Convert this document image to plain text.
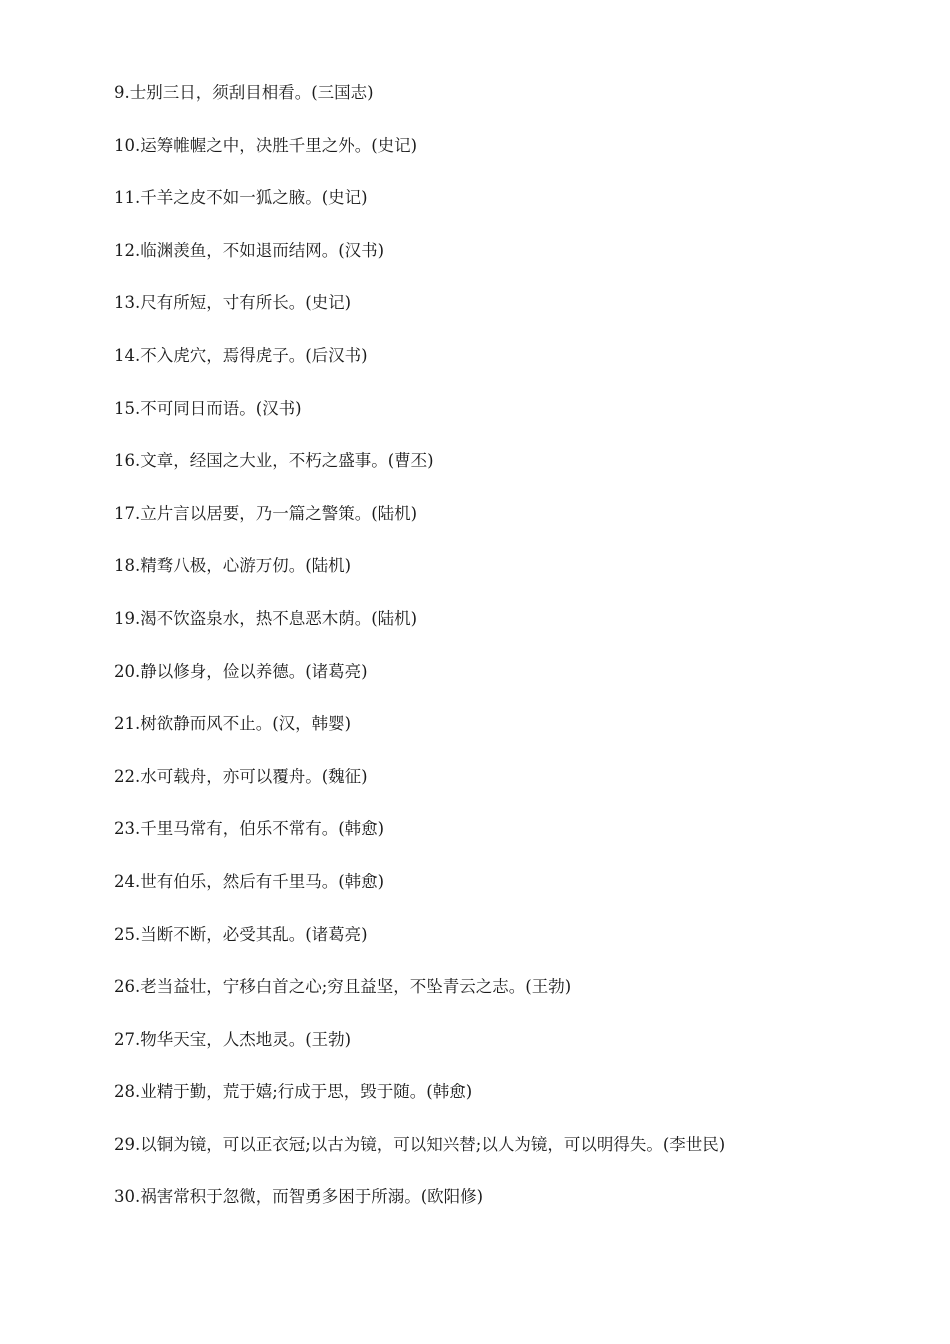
9.士别三日，须刮目相看。(三国志)
10.运筹帷幄之中，决胜千里之外。(史记)
11.千羊之皮不如一狐之腋。(史记)
12.临渊羡鱼，不如退而结网。(汉书)
13.尺有所短，寸有所长。(史记)
14.不入虎穴，焉得虎子。(后汉书)
15.不可同日而语。(汉书)
16.文章，经国之大业，不朽之盛事。(曹丕)
17.立片言以居要，乃一篇之警策。(陆机)
18.精骛八极，心游万仞。(陆机)
19.渴不饮盗泉水，热不息恶木荫。(陆机)
20.静以修身，俭以养德。(诸葛亮)
21.树欲静而风不止。(汉，韩婴)
22.水可载舟，亦可以覆舟。(魏征)
23.千里马常有，伯乐不常有。(韩愈)
24.世有伯乐，然后有千里马。(韩愈)
25.当断不断，必受其乱。(诸葛亮)
26.老当益壮，宁移白首之心;穷且益坚，不坠青云之志。(王勃)
27.物华天宝，人杰地灵。(王勃)
28.业精于勤，荒于嬉;行成于思，毁于随。(韩愈)
29.以铜为镜，可以正衣冠;以古为镜，可以知兴替;以人为镜，可以明得失。(李世民)
30.祸害常积于忽微，而智勇多困于所溺。(欧阳修)
